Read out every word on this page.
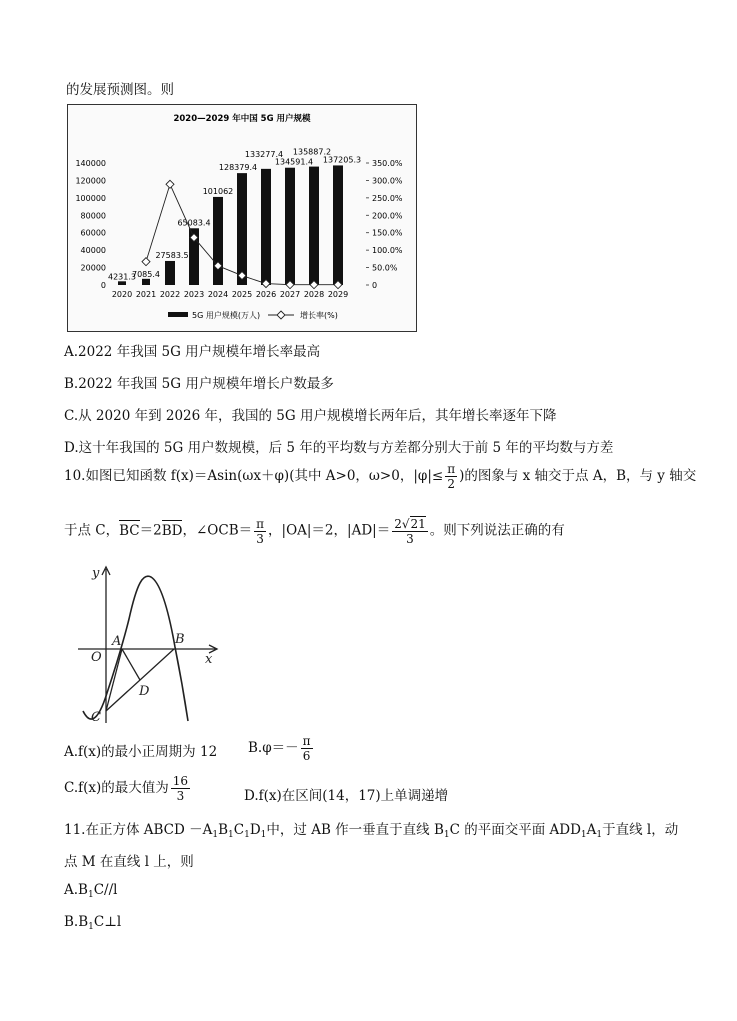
的发展预测图。则
2020—2029 年中国 5G 用户规模
0
20000
40000
60000
80000
100000
120000
140000
0
50.0%
100.0%
150.0%
200.0%
250.0%
300.0%
350.0%
4231.3
7085.4
27583.5
65083.4
101062
128379.4
133277.4
134591.4
135887.2
137205.3
2020 2021 2022 2023 2024 2025 2026 2027 2028 2029
5G 用户规模(万人)	增长率(%)
A.2022 年我国 5G 用户规模年增长率最高
B.2022 年我国 5G 用户规模年增长户数最多
C.从 2020 年到 2026 年，我国的 5G 用户规模增长两年后，其年增长率逐年下降
D.这十年我国的 5G 用户数规模，后 5 年的平均数与方差都分别大于前 5 年的平均数与方差
10.如图已知函数 f(x)＝Asin(ωx＋φ)(其中 A>0，ω>0，$|\varphi|\le \frac{\pi}{2}$ )的图象与 x 轴交于点 A，B，与 y 轴交
于点 C，BC＝2BD，∠OCB＝ $\frac{\pi}{3}$ ，|OA|＝2，$|AD|= \frac{2√21}{3}$ 。则下列说法正确的有
y
x
O
A	B
C
D
A.f(x)的最小正周期为 12 $B.\varphi=- \frac{\pi}{6}$
C.f(x)的最大值为 $\frac{16}{3}$	D.f(x)在区间(14，17)上单调递增
11.在正方体 ABCD $-A_1B_1C_1D_1$中，过 AB 作一垂直于直线 $B_1C$ 的平面交平面 $ADD_1A_1$于直线 l，动
点 M 在直线 l 上，则
$A.B_1C//l$
$B.B_1C\perp l$
